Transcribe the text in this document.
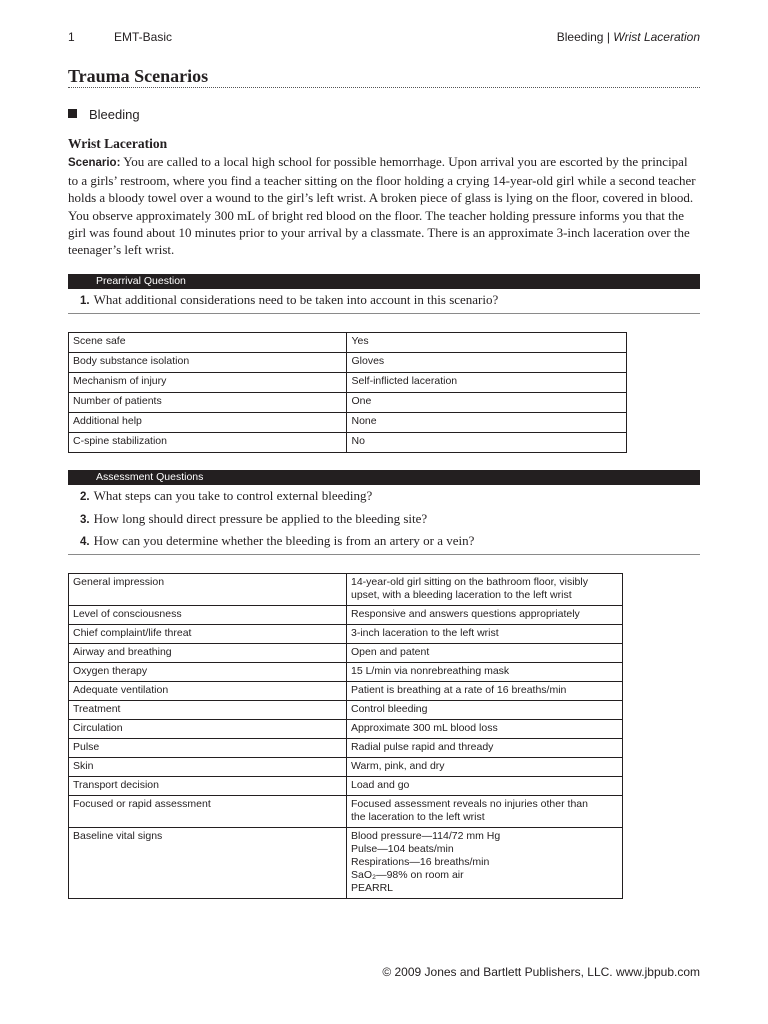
1	EMT-Basic	Bleeding | Wrist Laceration
Trauma Scenarios
Bleeding
Wrist Laceration

Scenario: You are called to a local high school for possible hemorrhage. Upon arrival you are escorted by the principal to a girls’ restroom, where you find a teacher sitting on the floor holding a crying 14-year-old girl while a second teacher holds a bloody towel over a wound to the girl’s left wrist. A broken piece of glass is lying on the floor, covered in blood. You observe approximately 300 mL of bright red blood on the floor. The teacher holding pressure informs you that the girl was found about 10 minutes prior to your arrival by a classmate. There is an approximate 3-inch laceration over the teenager’s left wrist.

Prearrival Question
1. What additional considerations need to be taken into account in this scenario?
Scene safe	Yes
Body substance isolation	Gloves
Mechanism of injury	Self-inflicted laceration
Number of patients	One
Additional help	None
C-spine stabilization	No
Assessment Questions
2. What steps can you take to control external bleeding?
3. How long should direct pressure be applied to the bleeding site?
4. How can you determine whether the bleeding is from an artery or a vein?
General impression	14-year-old girl sitting on the bathroom floor, visibly
upset, with a bleeding laceration to the left wrist

Level of consciousness	Responsive and answers questions appropriately

Chief complaint/life threat	3-inch laceration to the left wrist

Airway and breathing	Open and patent

Oxygen therapy	15 L/min via nonrebreathing mask

Adequate ventilation	Patient is breathing at a rate of 16 breaths/min

Treatment	Control bleeding

Circulation	Approximate 300 mL blood loss

Pulse	Radial pulse rapid and thready

Skin	Warm, pink, and dry

Transport decision	Load and go

Focused or rapid assessment	Focused assessment reveals no injuries other than
the laceration to the left wrist

Baseline vital signs	Blood pressure—114/72 mm Hg
Pulse—104 beats/min
Respirations—16 breaths/min
SaO₂—98% on room air
PEARRL
© 2009 Jones and Bartlett Publishers, LLC. www.jbpub.com
